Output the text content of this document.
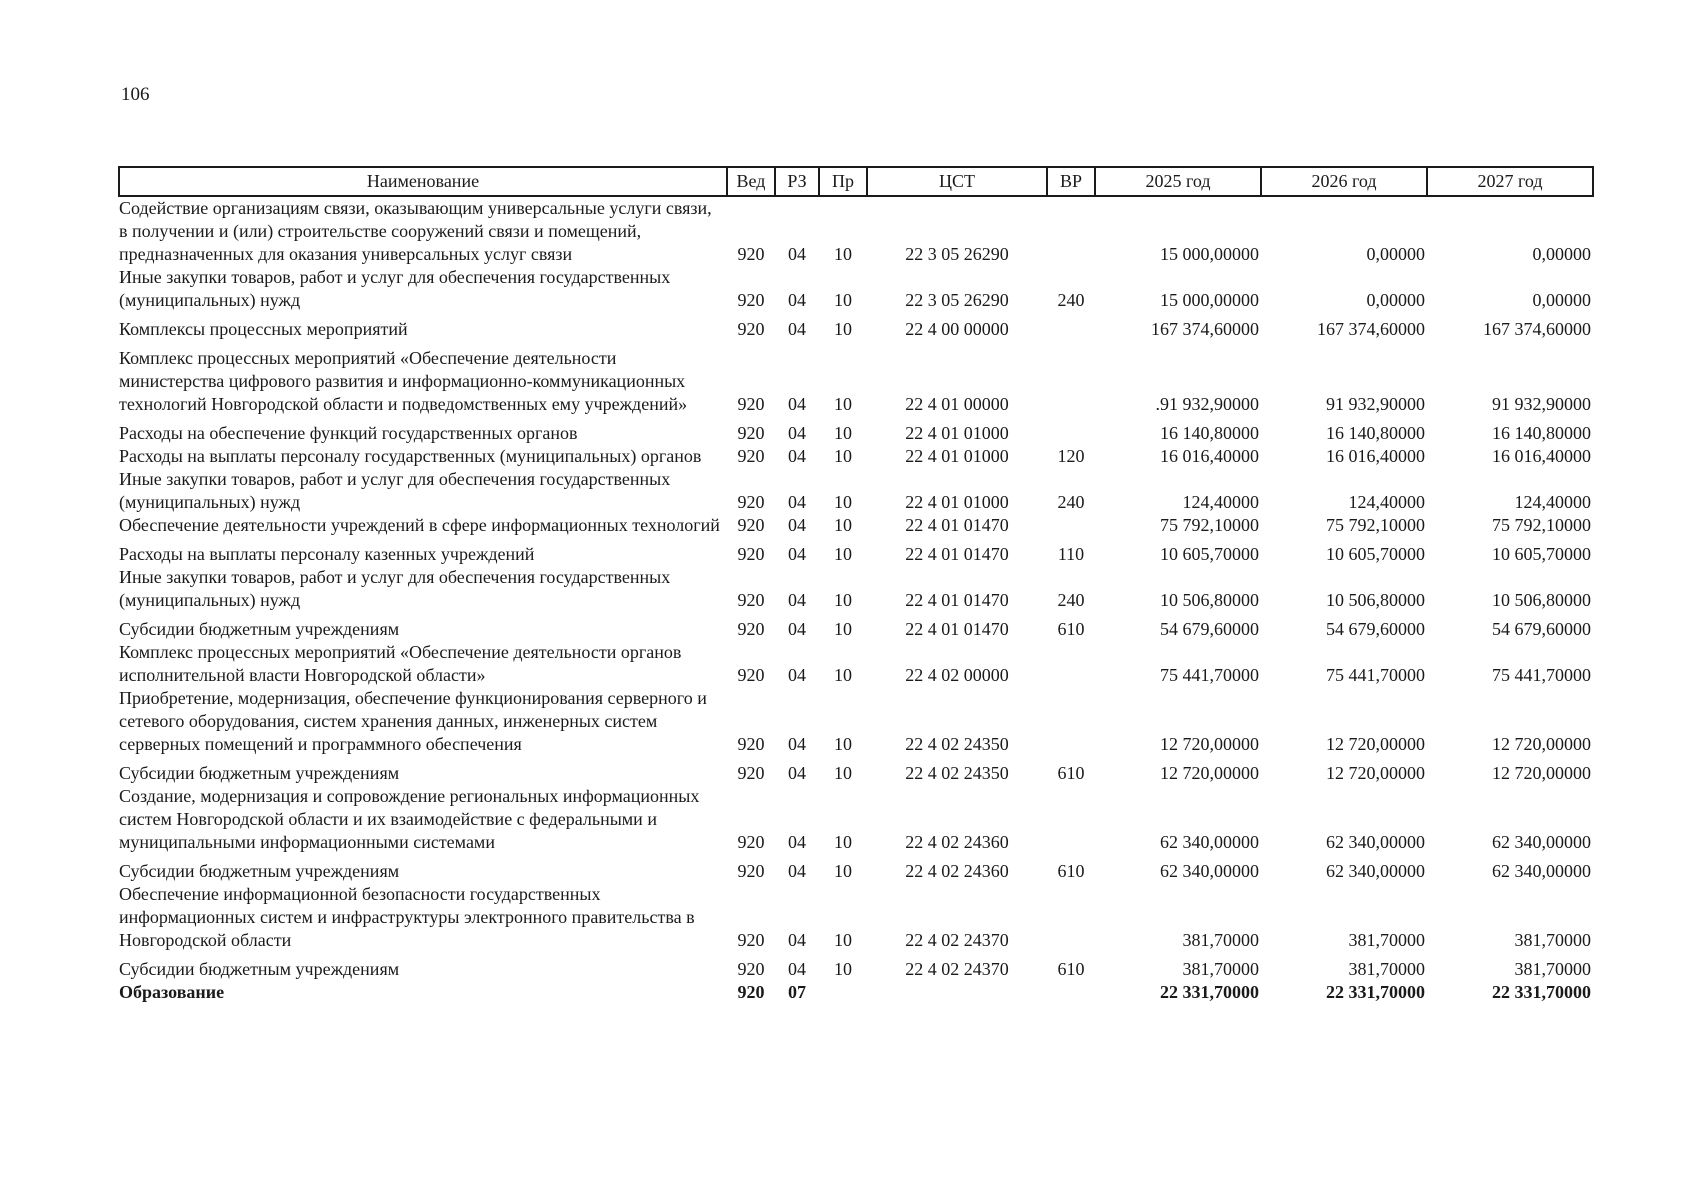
106
Наименование	Вед	РЗ	Пр	ЦСТ	ВР	2025 год	2026 год	2027 год
Содействие организациям связи, оказывающим универсальные услуги связи, в получении и (или) строительстве сооружений связи и помещений, предназначенных для оказания универсальных услуг связи	920	04	10	22 3 05 26290		15 000,00000	0,00000	0,00000
Иные закупки товаров, работ и услуг для обеспечения государственных (муниципальных) нужд	920	04	10	22 3 05 26290	240	15 000,00000	0,00000	0,00000
Комплексы процессных мероприятий	920	04	10	22 4 00 00000		167 374,60000	167 374,60000	167 374,60000
Комплекс процессных мероприятий «Обеспечение деятельности министерства цифрового развития и информационно-коммуникационных технологий Новгородской области и подведомственных ему учреждений»	920	04	10	22 4 01 00000		.91 932,90000	91 932,90000	91 932,90000
Расходы на обеспечение функций государственных органов	920	04	10	22 4 01 01000		16 140,80000	16 140,80000	16 140,80000
Расходы на выплаты персоналу государственных (муниципальных) органов	920	04	10	22 4 01 01000	120	16 016,40000	16 016,40000	16 016,40000
Иные закупки товаров, работ и услуг для обеспечения государственных (муниципальных) нужд	920	04	10	22 4 01 01000	240	124,40000	124,40000	124,40000
Обеспечение деятельности учреждений в сфере информационных технологий	920	04	10	22 4 01 01470		75 792,10000	75 792,10000	75 792,10000
Расходы на выплаты персоналу казенных учреждений	920	04	10	22 4 01 01470	110	10 605,70000	10 605,70000	10 605,70000
Иные закупки товаров, работ и услуг для обеспечения государственных (муниципальных) нужд	920	04	10	22 4 01 01470	240	10 506,80000	10 506,80000	10 506,80000
Субсидии бюджетным учреждениям	920	04	10	22 4 01 01470	610	54 679,60000	54 679,60000	54 679,60000
Комплекс процессных мероприятий «Обеспечение деятельности органов исполнительной власти Новгородской области»	920	04	10	22 4 02 00000		75 441,70000	75 441,70000	75 441,70000
Приобретение, модернизация, обеспечение функционирования серверного и сетевого оборудования, систем хранения данных, инженерных систем серверных помещений и программного обеспечения	920	04	10	22 4 02 24350		12 720,00000	12 720,00000	12 720,00000
Субсидии бюджетным учреждениям	920	04	10	22 4 02 24350	610	12 720,00000	12 720,00000	12 720,00000
Создание, модернизация и сопровождение региональных информационных систем Новгородской области и их взаимодействие с федеральными и муниципальными информационными системами	920	04	10	22 4 02 24360		62 340,00000	62 340,00000	62 340,00000
Субсидии бюджетным учреждениям	920	04	10	22 4 02 24360	610	62 340,00000	62 340,00000	62 340,00000
Обеспечение информационной безопасности государственных информационных систем и инфраструктуры электронного правительства в Новгородской области	920	04	10	22 4 02 24370		381,70000	381,70000	381,70000
Субсидии бюджетным учреждениям	920	04	10	22 4 02 24370	610	381,70000	381,70000	381,70000
Образование	920	07				22 331,70000	22 331,70000	22 331,70000
